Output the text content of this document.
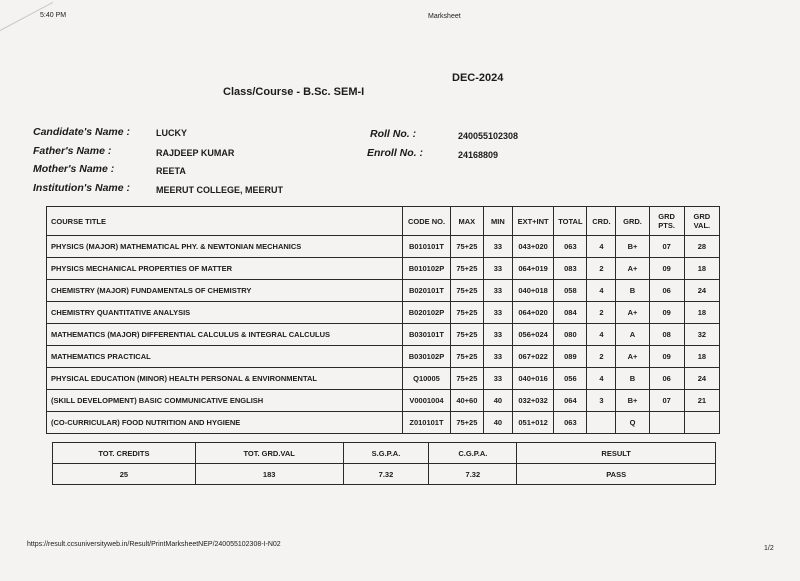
5:40 PM	Marksheet
DEC-2024
Class/Course - B.Sc. SEM-I
Candidate's Name :	LUCKY
Father's Name :	RAJDEEP KUMAR
Mother's Name :	REETA
Institution's Name :	MEERUT COLLEGE, MEERUT
Roll No. :	240055102308
Enroll No. :	24168809
COURSE TITLE	CODE NO.	MAX	MIN	EXT+INT	TOTAL	CRD.	GRD.	GRD PTS.	GRD VAL.
PHYSICS (MAJOR) MATHEMATICAL PHY. & NEWTONIAN MECHANICS	B010101T	75+25	33	043+020	063	4	B+	07	28
PHYSICS MECHANICAL PROPERTIES OF MATTER	B010102P	75+25	33	064+019	083	2	A+	09	18
CHEMISTRY (MAJOR) FUNDAMENTALS OF CHEMISTRY	B020101T	75+25	33	040+018	058	4	B	06	24
CHEMISTRY QUANTITATIVE ANALYSIS	B020102P	75+25	33	064+020	084	2	A+	09	18
MATHEMATICS (MAJOR) DIFFERENTIAL CALCULUS & INTEGRAL CALCULUS	B030101T	75+25	33	056+024	080	4	A	08	32
MATHEMATICS PRACTICAL	B030102P	75+25	33	067+022	089	2	A+	09	18
PHYSICAL EDUCATION (MINOR) HEALTH PERSONAL & ENVIRONMENTAL	Q10005	75+25	33	040+016	056	4	B	06	24
(SKILL DEVELOPMENT) BASIC COMMUNICATIVE ENGLISH	V0001004	40+60	40	032+032	064	3	B+	07	21
(CO-CURRICULAR) FOOD NUTRITION AND HYGIENE	Z010101T	75+25	40	051+012	063		Q		
TOT. CREDITS	TOT. GRD.VAL	S.G.P.A.	C.G.P.A.	RESULT
25	183	7.32	7.32	PASS
https://result.ccsuniversityweb.in/Result/PrintMarksheetNEP/240055102308-I-N02
1/2
